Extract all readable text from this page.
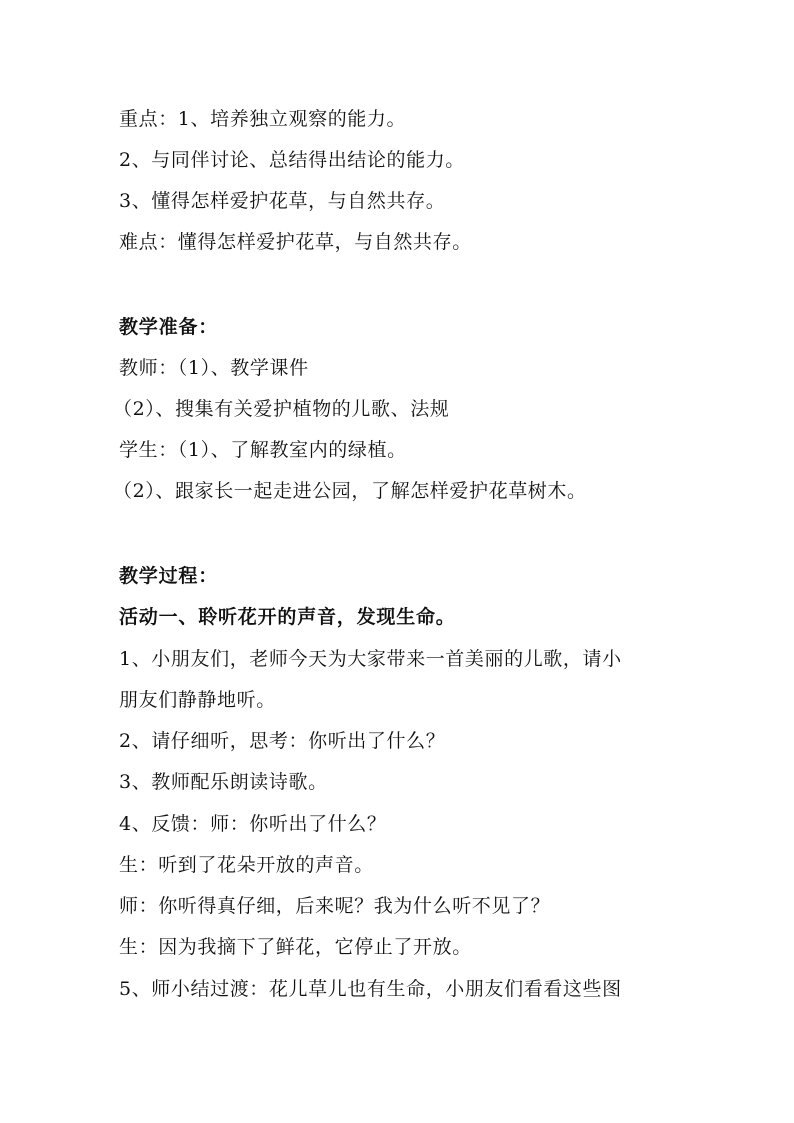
重点：1、培养独立观察的能力。

2、与同伴讨论、总结得出结论的能力。

3、懂得怎样爱护花草，与自然共存。

难点：懂得怎样爱护花草，与自然共存。

教学准备：

教师：（1）、教学课件

（2）、搜集有关爱护植物的儿歌、法规

学生：（1）、了解教室内的绿植。

（2）、跟家长一起走进公园，了解怎样爱护花草树木。

教学过程：

活动一、聆听花开的声音，发现生命。

1、小朋友们，老师今天为大家带来一首美丽的儿歌，请小

朋友们静静地听。

2、请仔细听，思考：你听出了什么？

3、教师配乐朗读诗歌。

4、反馈：师：你听出了什么？

生：听到了花朵开放的声音。

师：你听得真仔细，后来呢？我为什么听不见了？

生：因为我摘下了鲜花，它停止了开放。

5、师小结过渡：花儿草儿也有生命，小朋友们看看这些图
